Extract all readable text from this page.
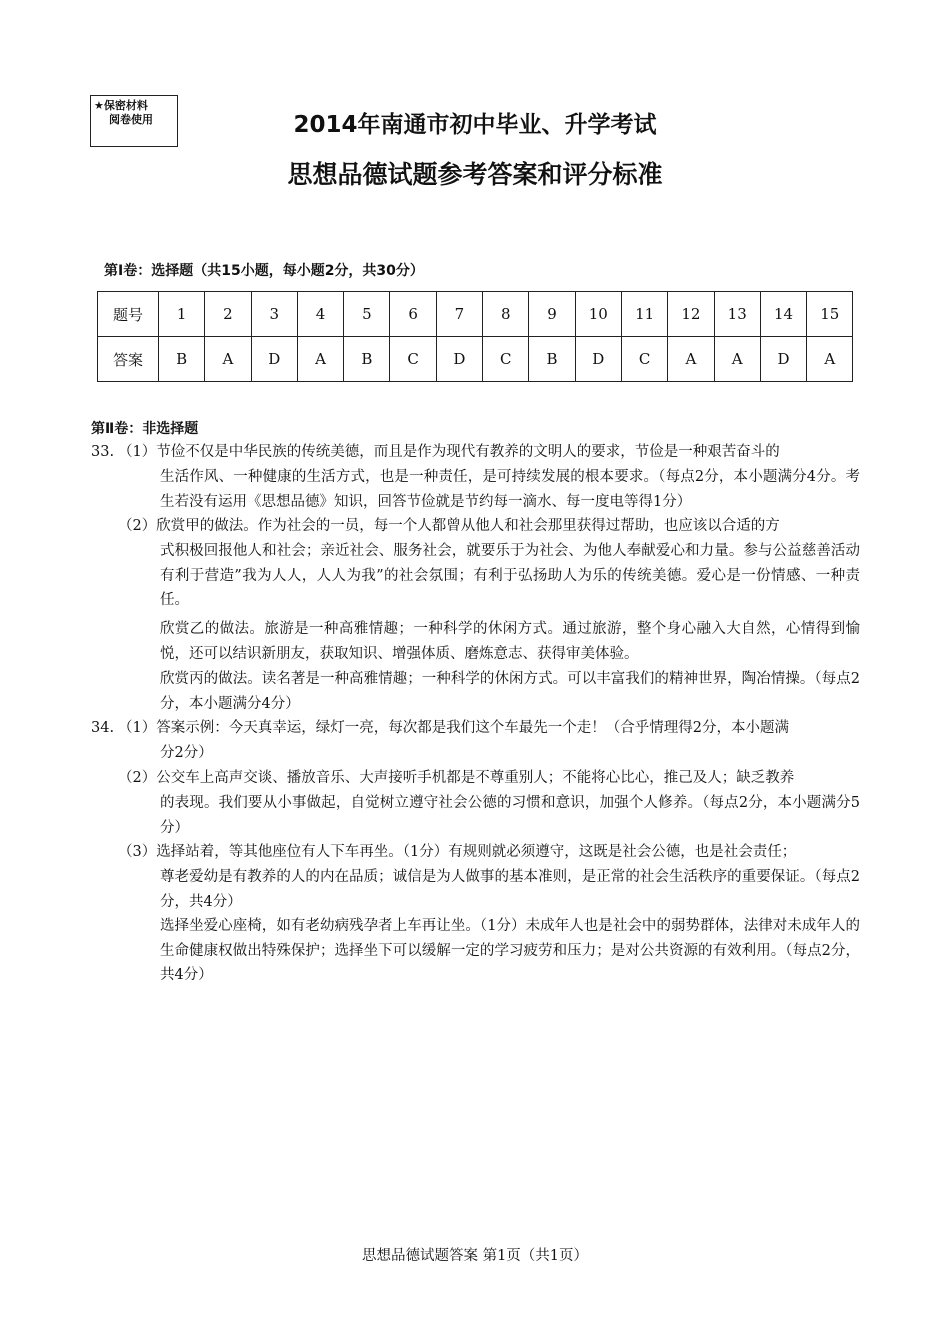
★保密材料
阅卷使用	2014年南通市初中毕业、升学考试
思想品德试题参考答案和评分标准
第Ⅰ卷：选择题（共15小题，每小题2分，共30分）
题号	1	2	3	4	5	6	7	8	9	10	11	12	13	14	15
答案	B	A	D	A	B	C	D	C	B	D	C	A	A	D	A
第Ⅱ卷：非选择题
33. （1）节俭不仅是中华民族的传统美德，而且是作为现代有教养的文明人的要求，节俭是一种艰苦奋斗的
生活作风、一种健康的生活方式，也是一种责任，是可持续发展的根本要求。（每点2分，本小题满分4分。考生若没有运用《思想品德》知识，回答节俭就是节约每一滴水、每一度电等得1分）
（2）欣赏甲的做法。作为社会的一员，每一个人都曾从他人和社会那里获得过帮助，也应该以合适的方
式积极回报他人和社会；亲近社会、服务社会，就要乐于为社会、为他人奉献爱心和力量。参与公益慈善活动有利于营造”我为人人，人人为我”的社会氛围；有利于弘扬助人为乐的传统美德。爱心是一份情感、一种责任。
欣赏乙的做法。旅游是一种高雅情趣；一种科学的休闲方式。通过旅游，整个身心融入大自然，心情得到愉悦，还可以结识新朋友，获取知识、增强体质、磨炼意志、获得审美体验。
欣赏丙的做法。读名著是一种高雅情趣；一种科学的休闲方式。可以丰富我们的精神世界，陶冶情操。（每点2分，本小题满分4分）
34. （1）答案示例：今天真幸运，绿灯一亮，每次都是我们这个车最先一个走！（合乎情理得2分，本小题满
分2分）
（2）公交车上高声交谈、播放音乐、大声接听手机都是不尊重别人；不能将心比心，推己及人；缺乏教养
的表现。我们要从小事做起，自觉树立遵守社会公德的习惯和意识，加强个人修养。（每点2分，本小题满分5分）
（3）选择站着，等其他座位有人下车再坐。（1分）有规则就必须遵守，这既是社会公德，也是社会责任；
尊老爱幼是有教养的人的内在品质；诚信是为人做事的基本准则，是正常的社会生活秩序的重要保证。（每点2分，共4分）
选择坐爱心座椅，如有老幼病残孕者上车再让坐。（1分）未成年人也是社会中的弱势群体，法律对未成年人的生命健康权做出特殊保护；选择坐下可以缓解一定的学习疲劳和压力；是对公共资源的有效利用。（每点2分，共4分）
思想品德试题答案 第1页（共1页）
